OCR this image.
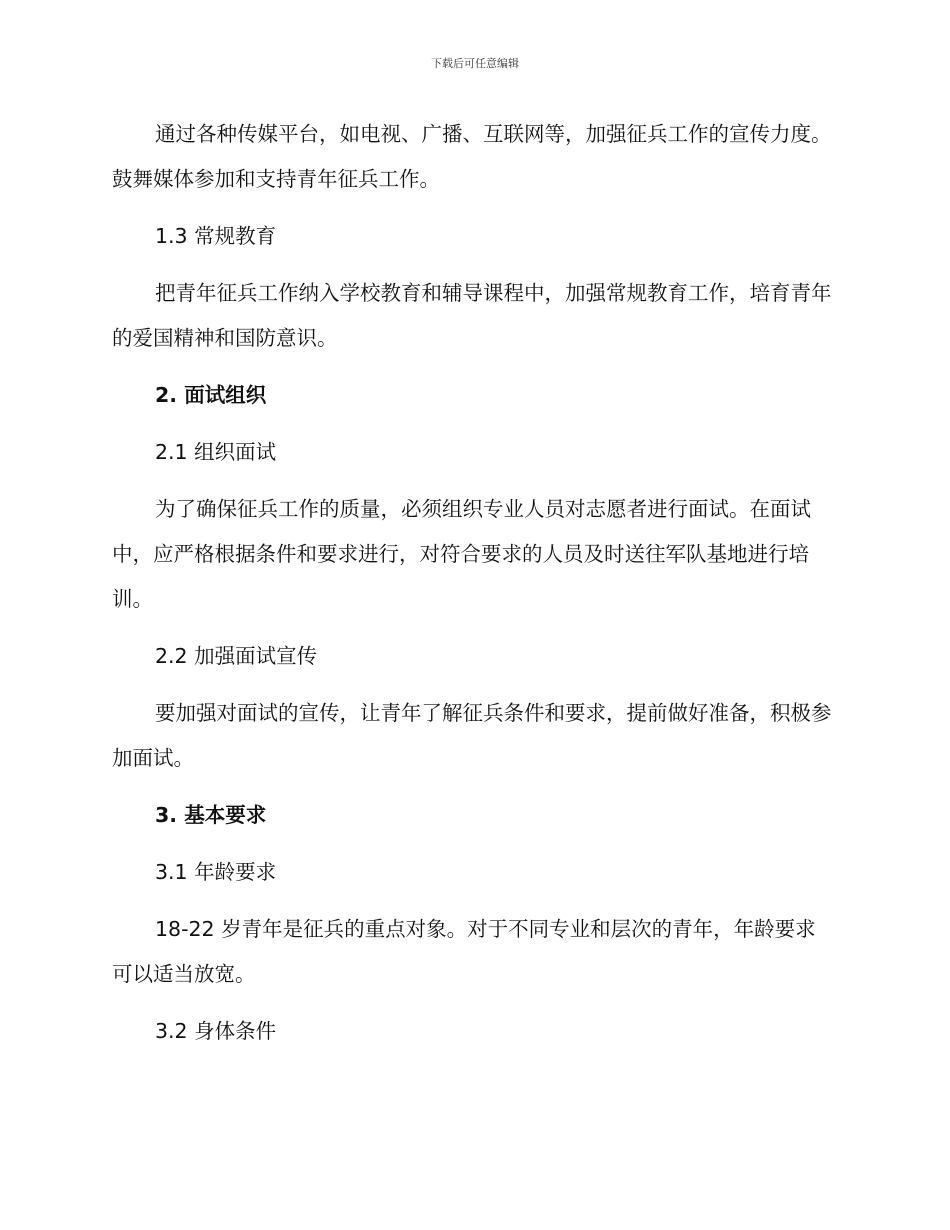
下载后可任意编辑

通过各种传媒平台，如电视、广播、互联网等，加强征兵工作的宣传力度。鼓舞媒体参加和支持青年征兵工作。

1.3 常规教育

把青年征兵工作纳入学校教育和辅导课程中，加强常规教育工作，培育青年的爱国精神和国防意识。

2. 面试组织
2.1 组织面试

为了确保征兵工作的质量，必须组织专业人员对志愿者进行面试。在面试中，应严格根据条件和要求进行，对符合要求的人员及时送往军队基地进行培训。

2.2 加强面试宣传

要加强对面试的宣传，让青年了解征兵条件和要求，提前做好准备，积极参加面试。

3. 基本要求
3.1 年龄要求

18-22 岁青年是征兵的重点对象。对于不同专业和层次的青年，年龄要求可以适当放宽。

3.2 身体条件
